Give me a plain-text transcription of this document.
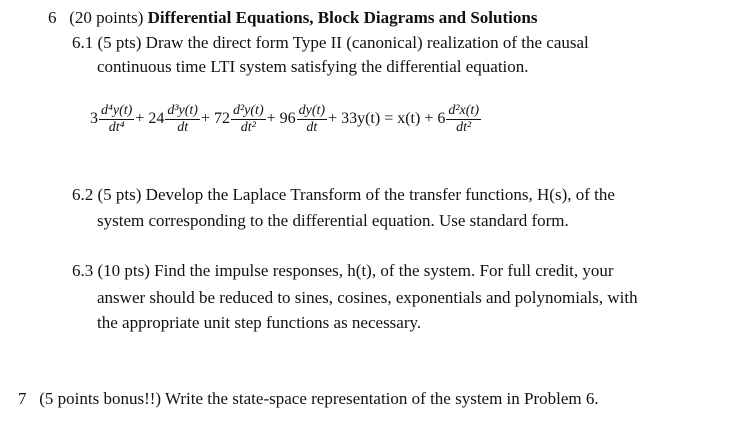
6 (20 points) Differential Equations, Block Diagrams and Solutions
6.1 (5 pts) Draw the direct form Type II (canonical) realization of the causal
continuous time LTI system satisfying the differential equation.
$3 \frac{\text{d⁴y(t)}}{\text{dt⁴}} + 24 \frac{\text{d³y(t)}}{dt} + 72 \frac{\text{d²y(t)}}{\text{dt²}} + 96 \frac{dy(t)}{dt} + 33y(t) = x(t) + 6 \frac{\text{d²x(t)}}{\text{dt²}}$
6.2 (5 pts) Develop the Laplace Transform of the transfer functions, H(s), of the
system corresponding to the differential equation. Use standard form.
6.3 (10 pts) Find the impulse responses, h(t), of the system. For full credit, your
answer should be reduced to sines, cosines, exponentials and polynomials, with
the appropriate unit step functions as necessary.
7 (5 points bonus!!) Write the state-space representation of the system in Problem 6.
